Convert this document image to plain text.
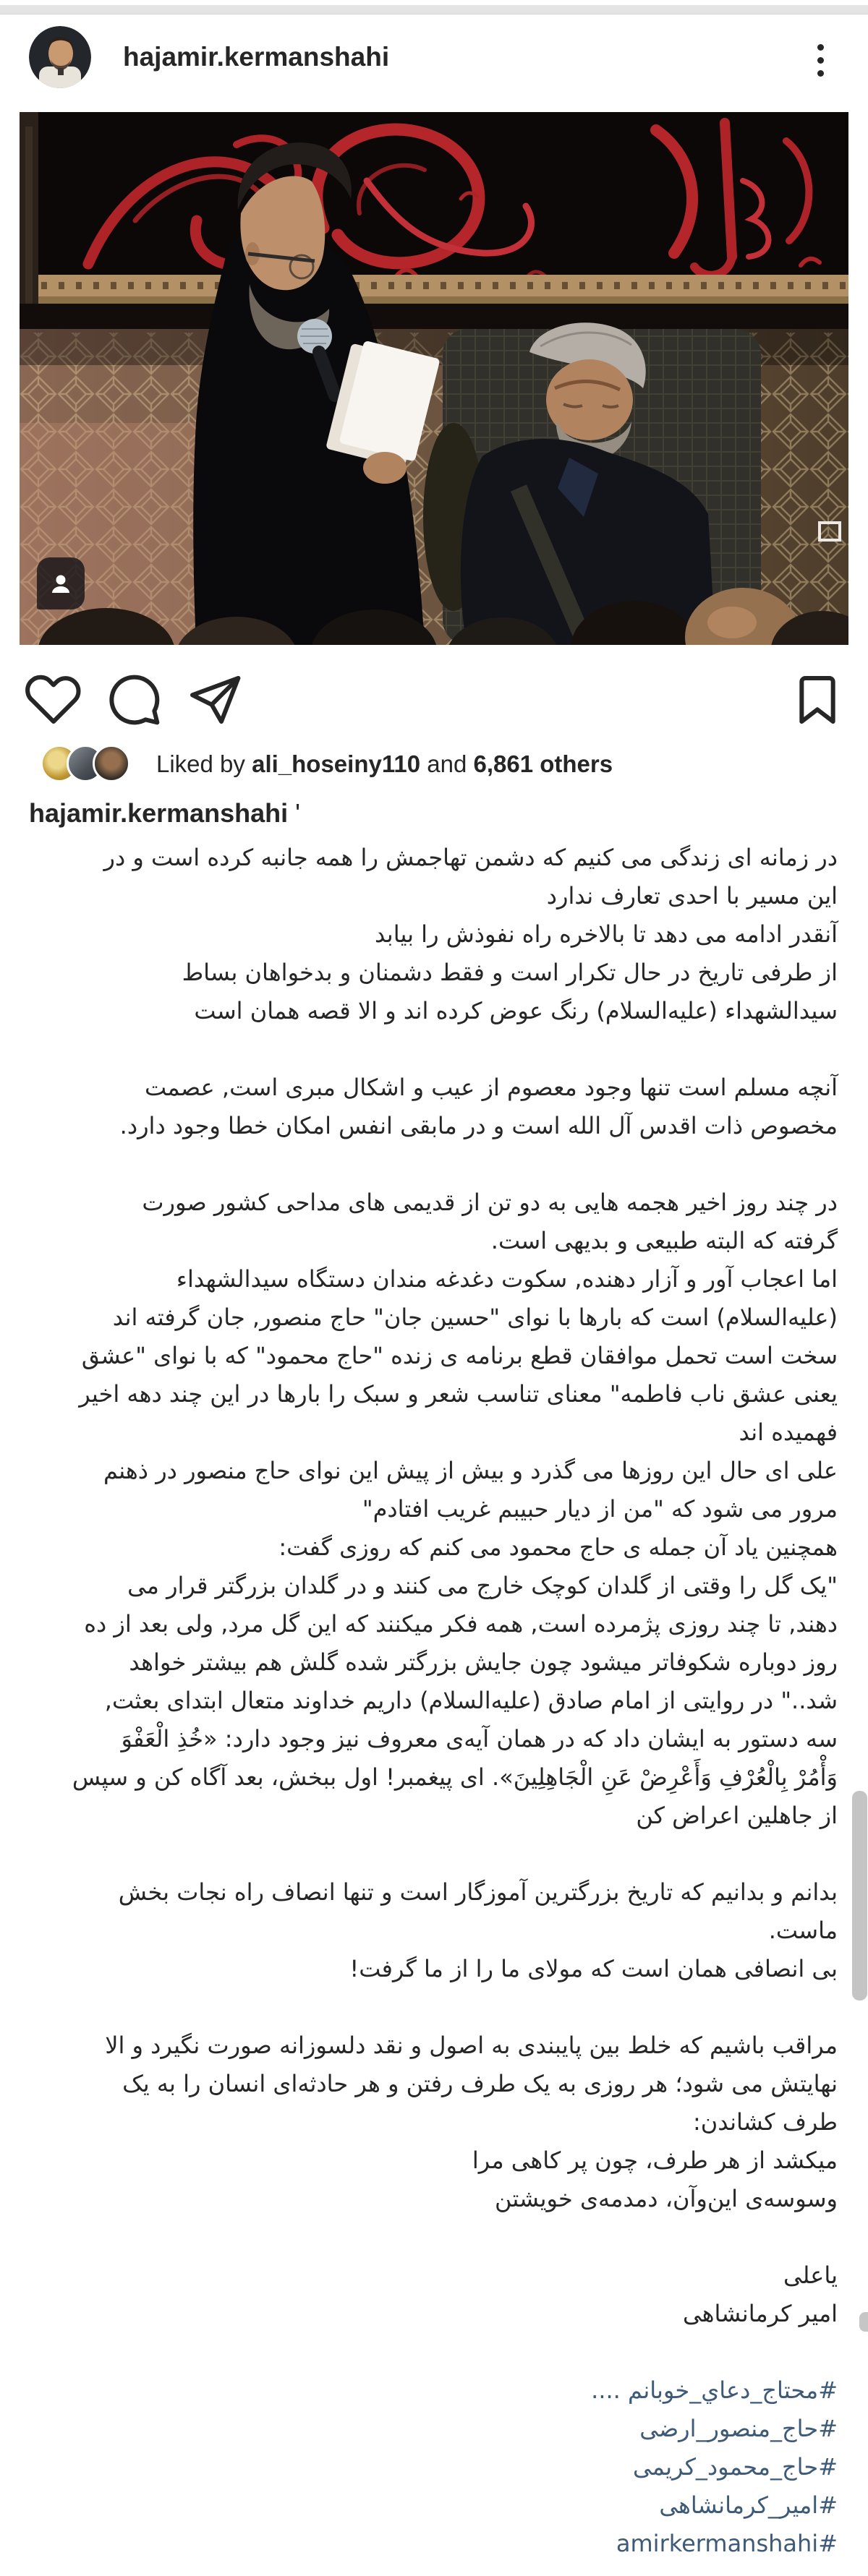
hajamir.kermanshahi
Liked by ali_hoseiny110 and 6,861 others
hajamir.kermanshahi '
در زمانه ای زندگی می کنیم که دشمن تهاجمش را همه جانبه کرده است و در
این مسیر با احدی تعارف ندارد
آنقدر ادامه می دهد تا بالاخره راه نفوذش را بیابد
از طرفی تاریخ در حال تکرار است و فقط دشمنان و بدخواهان بساط
سیدالشهداء (علیه‌السلام) رنگ عوض کرده اند و الا قصه همان است
آنچه مسلم است تنها وجود معصوم از عیب و اشکال مبری است, عصمت
مخصوص ذات اقدس آل الله است و در مابقی انفس امکان خطا وجود دارد.
در چند روز اخیر هجمه هایی به دو تن از قدیمی های مداحی کشور صورت
گرفته که البته طبیعی و بدیهی است.
اما اعجاب آور و آزار دهنده, سکوت دغدغه مندان دستگاه سیدالشهداء
(علیه‌السلام) است که بارها با نوای "حسین جان" حاج منصور, جان گرفته اند
سخت است تحمل موافقان قطع برنامه ی زنده "حاج محمود" که با نوای "عشق
یعنی عشق ناب فاطمه" معنای تناسب شعر و سبک را بارها در این چند دهه اخیر
فهمیده اند
علی ای حال این روزها می گذرد و بیش از پیش این نوای حاج منصور در ذهنم
مرور می شود که "من از دیار حبیبم غریب افتادم"
همچنین یاد آن جمله ی حاج محمود می کنم که روزی گفت:
"یک گل را وقتی از گلدان کوچک خارج می کنند و در گلدان بزرگتر قرار می
دهند, تا چند روزی پژمرده است, همه فکر میکنند که این گل مرد, ولی بعد از ده
روز دوباره شکوفاتر میشود چون جایش بزرگتر شده گلش هم بیشتر خواهد
شد.." در روایتی از امام صادق (علیه‌السلام) داریم خداوند متعال ابتدای بعثت,
سه دستور به ایشان داد که در همان آیه‌ی معروف نیز وجود دارد: «خُذِ الْعَفْوَ
وَأْمُرْ بِالْعُرْفِ وَأَعْرِضْ عَنِ الْجَاهِلِينَ». ای پیغمبر! اول ببخش، بعد آگاه کن و سپس
از جاهلین اعراض کن
بدانم و بدانیم که تاریخ بزرگترین آموزگار است و تنها انصاف راه نجات بخش
ماست.
بی انصافی همان است که مولای ما را از ما گرفت!
مراقب باشیم که خلط بین پایبندی به اصول و نقد دلسوزانه صورت نگیرد و الا
نهایتش می شود؛ هر روزی به یک طرف رفتن و هر حادثه‌ای انسان را به یک
طرف کشاندن:
میکشد از هر طرف، چون پر کاهی مرا
وسوسه‌ی این‌وآن، دمدمه‌ی خویشتن
یاعلی
امیر کرمانشاهی
#محتاج_دعاي_خوبانم ....
#حاج_منصور_ارضی
#حاج_محمود_کریمی
#امیر_کرمانشاهی
#amirkermanshahi
